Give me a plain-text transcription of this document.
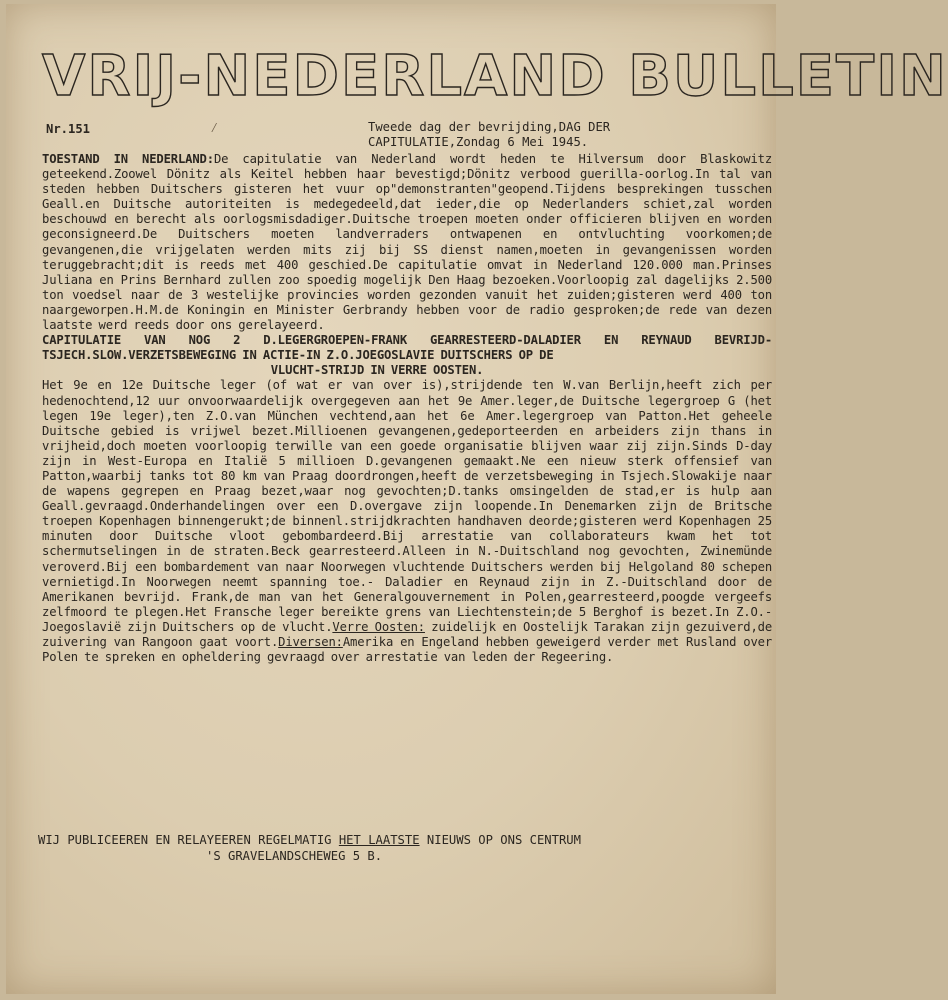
VRIJ-NEDERLAND BULLETIN
Nr.151	⁄	Tweede dag der bevrijding,DAG DER
CAPITULATIE,Zondag 6 Mei 1945.

TOESTAND IN NEDERLAND:De capitulatie van Nederland wordt heden te Hilversum door Blaskowitz geteekend.Zoowel Dönitz als Keitel hebben haar bevestigd;Dönitz verbood guerilla-oorlog.In tal van steden hebben Duitschers gisteren het vuur op"demonstranten"geopend.Tijdens besprekingen tusschen Geall.en Duitsche autoriteiten is medegedeeld,dat ieder,die op Nederlanders schiet,zal worden beschouwd en berecht als oorlogsmisdadiger.Duitsche troepen moeten onder officieren blijven en worden geconsigneerd.De Duitschers moeten landverraders ontwapenen en ontvluchting voorkomen;de gevangenen,die vrijgelaten werden mits zij bij SS dienst namen,moeten in gevangenissen worden teruggebracht;dit is reeds met 400 geschied.De capitulatie omvat in Nederland 120.000 man.Prinses Juliana en Prins Bernhard zullen zoo spoedig mogelijk Den Haag bezoeken.Voorloopig zal dagelijks 2.500 ton voedsel naar de 3 westelijke provincies worden gezonden vanuit het zuiden;gisteren werd 400 ton naargeworpen.H.M.de Koningin en Minister Gerbrandy hebben voor de radio gesproken;de rede van dezen laatste werd reeds door ons gerelayeerd.

CAPITULATIE VAN NOG 2 D.LEGERGROEPEN-FRANK GEARRESTEERD-DALADIER EN REYNAUD BEVRIJD-TSJECH.SLOW.VERZETSBEWEGING IN ACTIE-IN Z.O.JOEGOSLAVIE DUITSCHERS OP DE

VLUCHT-STRIJD IN VERRE OOSTEN.

Het 9e en 12e Duitsche leger (of wat er van over is),strijdende ten W.van Berlijn,heeft zich per hedenochtend,12 uur onvoorwaardelijk overgegeven aan het 9e Amer.leger,de Duitsche legergroep G (het legen 19e leger),ten Z.O.van München vechtend,aan het 6e Amer.legergroep van Patton.Het geheele Duitsche gebied is vrijwel bezet.Millioenen gevangenen,gedeporteerden en arbeiders zijn thans in vrijheid,doch moeten voorloopig terwille van een goede organisatie blijven waar zij zijn.Sinds D-day zijn in West-Europa en Italië 5 millioen D.gevangenen gemaakt.Ne een nieuw sterk offensief van Patton,waarbij tanks tot 80 km van Praag doordrongen,heeft de verzetsbeweging in Tsjech.Slowakije naar de wapens gegrepen en Praag bezet,waar nog gevochten;D.tanks omsingelden de stad,er is hulp aan Geall.gevraagd.Onderhandelingen over een D.overgave zijn loopende.In Denemarken zijn de Britsche troepen Kopenhagen binnengerukt;de binnenl.strijdkrachten handhaven deorde;gisteren werd Kopenhagen 25 minuten door Duitsche vloot gebombardeerd.Bij arrestatie van collaborateurs kwam het tot schermutselingen in de straten.Beck gearresteerd.Alleen in N.-Duitschland nog gevochten, Zwinemünde veroverd.Bij een bombardement van naar Noorwegen vluchtende Duitschers werden bij Helgoland 80 schepen vernietigd.In Noorwegen neemt spanning toe.- Daladier en Reynaud zijn in Z.-Duitschland door de Amerikanen bevrijd. Frank,de man van het Generalgouvernement in Polen,gearresteerd,poogde vergeefs zelfmoord te plegen.Het Fransche leger bereikte grens van Liechtenstein;de 5 Berghof is bezet.In Z.O.-Joegoslavië zijn Duitschers op de vlucht.Verre Oosten: zuidelijk en Oostelijk Tarakan zijn gezuiverd,de zuivering van Rangoon gaat voort.Diversen:Amerika en Engeland hebben geweigerd verder met Rusland over Polen te spreken en opheldering gevraagd over arrestatie van leden der Regeering.

WIJ PUBLICEEREN EN RELAYEEREN REGELMATIG HET LAATSTE NIEUWS OP ONS CENTRUM
'S GRAVELANDSCHEWEG 5 B.
